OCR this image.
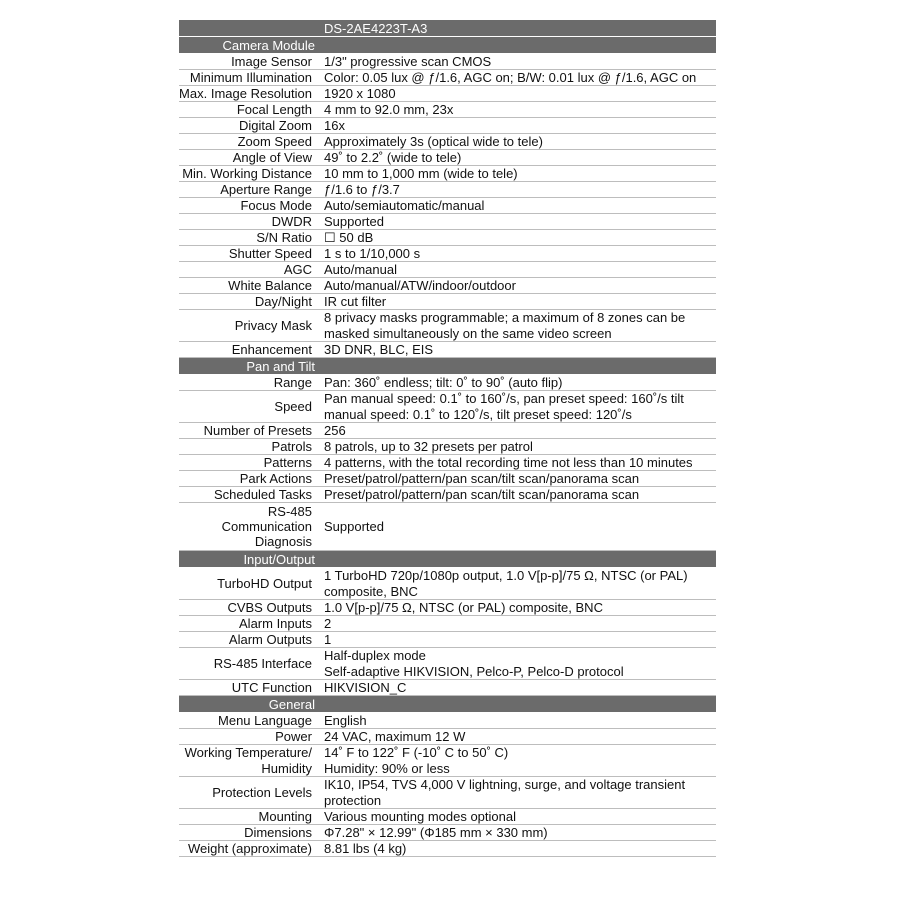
DS-2AE4223T-A3
Camera Module
Image Sensor 1/3" progressive scan CMOS
Minimum Illumination Color: 0.05 lux @ ƒ/1.6, AGC on; B/W: 0.01 lux @ ƒ/1.6, AGC on
Max. Image Resolution 1920 x 1080
Focal Length 4 mm to 92.0 mm, 23x
Digital Zoom 16x
Zoom Speed Approximately 3s (optical wide to tele)
Angle of View 49˚ to 2.2˚ (wide to tele)
Min. Working Distance 10 mm to 1,000 mm (wide to tele)
Aperture Range ƒ/1.6 to ƒ/3.7
Focus Mode Auto/semiautomatic/manual
DWDR Supported
S/N Ratio ☐ 50 dB
Shutter Speed 1 s to 1/10,000 s
AGC Auto/manual
White Balance Auto/manual/ATW/indoor/outdoor
Day/Night IR cut filter
Privacy Mask
8 privacy masks programmable; a maximum of 8 zones can be
masked simultaneously on the same video screen
Enhancement 3D DNR, BLC, EIS
Pan and Tilt
Range Pan: 360˚ endless; tilt: 0˚ to 90˚ (auto flip)
Speed
Pan manual speed: 0.1˚ to 160˚/s, pan preset speed: 160˚/s tilt
manual speed: 0.1˚ to 120˚/s, tilt preset speed: 120˚/s
Number of Presets 256
Patrols 8 patrols, up to 32 presets per patrol
Patterns 4 patterns, with the total recording time not less than 10 minutes
Park Actions Preset/patrol/pattern/pan scan/tilt scan/panorama scan
Scheduled Tasks Preset/patrol/pattern/pan scan/tilt scan/panorama scan
RS-485
Communication
Diagnosis
Supported
Input/Output
TurboHD Output
1 TurboHD 720p/1080p output, 1.0 V[p-p]/75 Ω, NTSC (or PAL)
composite, BNC
CVBS Outputs 1.0 V[p-p]/75 Ω, NTSC (or PAL) composite, BNC
Alarm Inputs 2
Alarm Outputs 1
RS-485 Interface
Half-duplex mode
Self-adaptive HIKVISION, Pelco-P, Pelco-D protocol
UTC Function HIKVISION_C
General
Menu Language English
Power 24 VAC, maximum 12 W
Working Temperature/
Humidity
14˚ F to 122˚ F (-10˚ C to 50˚ C)
Humidity: 90% or less
Protection Levels
IK10, IP54, TVS 4,000 V lightning, surge, and voltage transient
protection
Mounting Various mounting modes optional
Dimensions Φ7.28" × 12.99" (Φ185 mm × 330 mm)
Weight (approximate) 8.81 lbs (4 kg)
